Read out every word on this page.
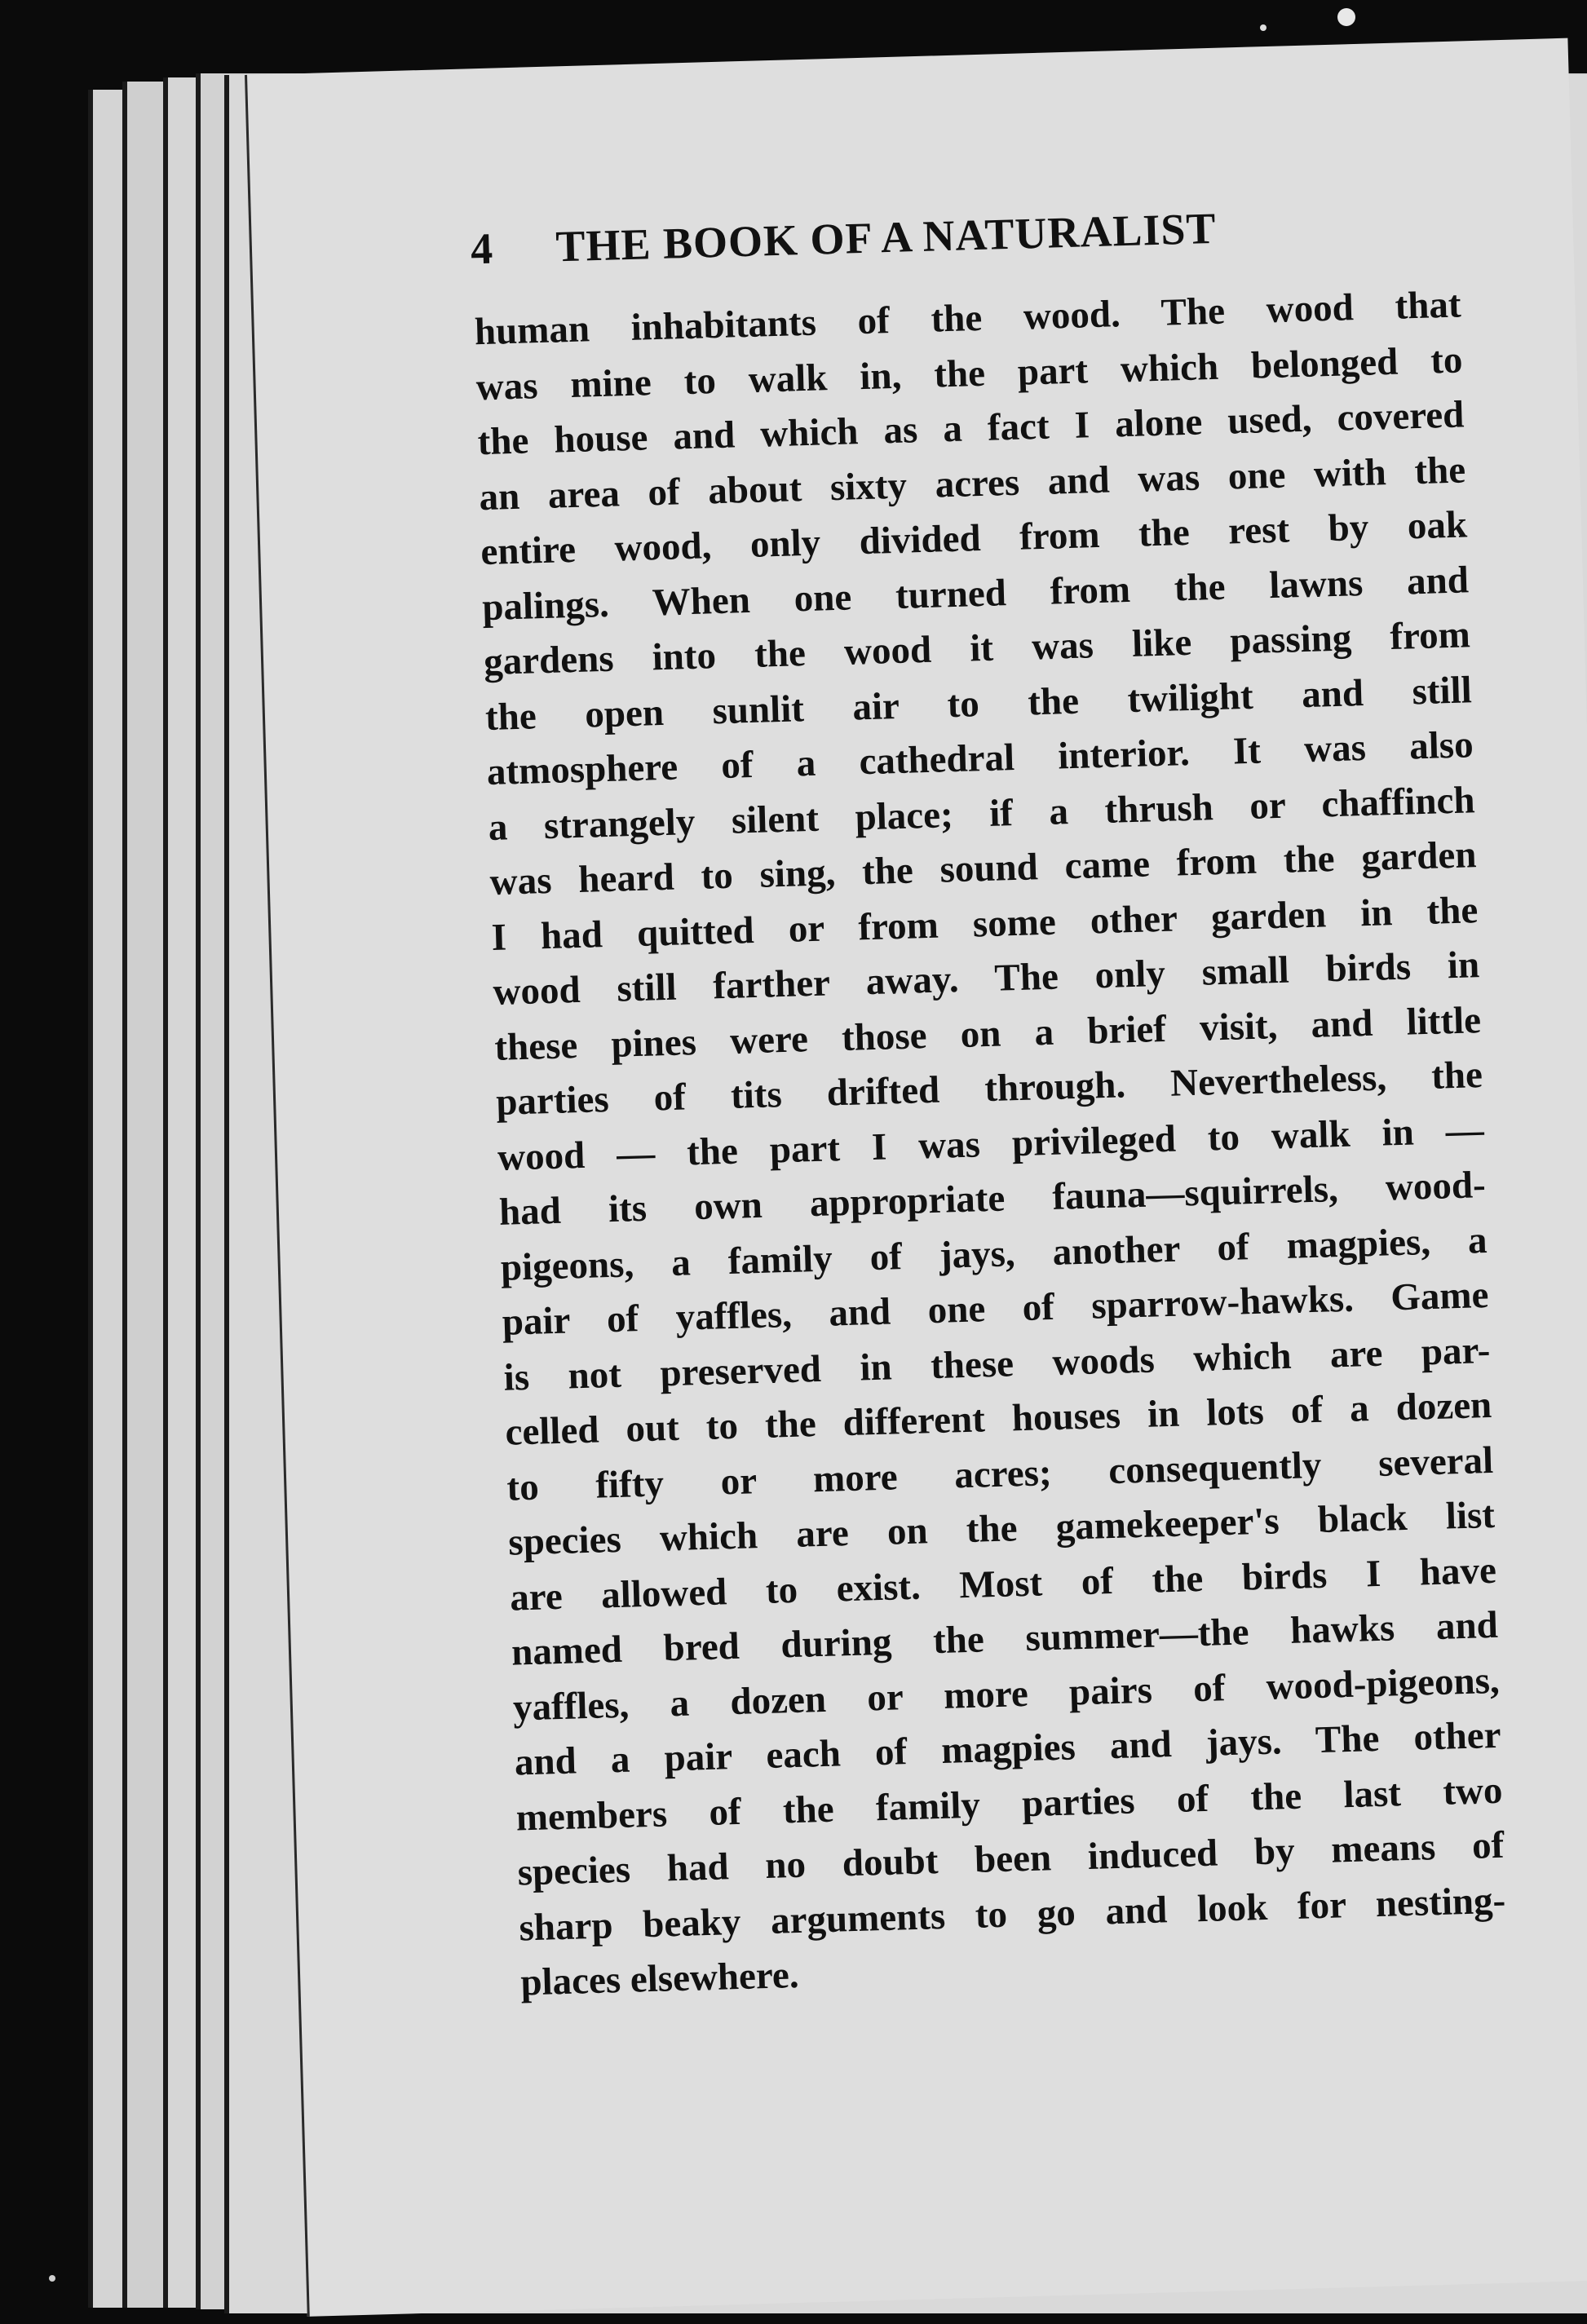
4 THE BOOK OF A NATURALIST
human inhabitants of the wood. The wood that
was mine to walk in, the part which belonged to
the house and which as a fact I alone used, covered
an area of about sixty acres and was one with the
entire wood, only divided from the rest by oak
palings. When one turned from the lawns and
gardens into the wood it was like passing from
the open sunlit air to the twilight and still
atmosphere of a cathedral interior. It was also
a strangely silent place; if a thrush or chaffinch
was heard to sing, the sound came from the garden
I had quitted or from some other garden in the
wood still farther away. The only small birds in
these pines were those on a brief visit, and little
parties of tits drifted through. Nevertheless, the
wood — the part I was privileged to walk in —
had its own appropriate fauna—squirrels, wood-
pigeons, a family of jays, another of magpies, a
pair of yaffles, and one of sparrow-hawks. Game
is not preserved in these woods which are par-
celled out to the different houses in lots of a dozen
to fifty or more acres; consequently several
species which are on the gamekeeper's black list
are allowed to exist. Most of the birds I have
named bred during the summer—the hawks and
yaffles, a dozen or more pairs of wood-pigeons,
and a pair each of magpies and jays. The other
members of the family parties of the last two
species had no doubt been induced by means of
sharp beaky arguments to go and look for nesting-
places elsewhere.
